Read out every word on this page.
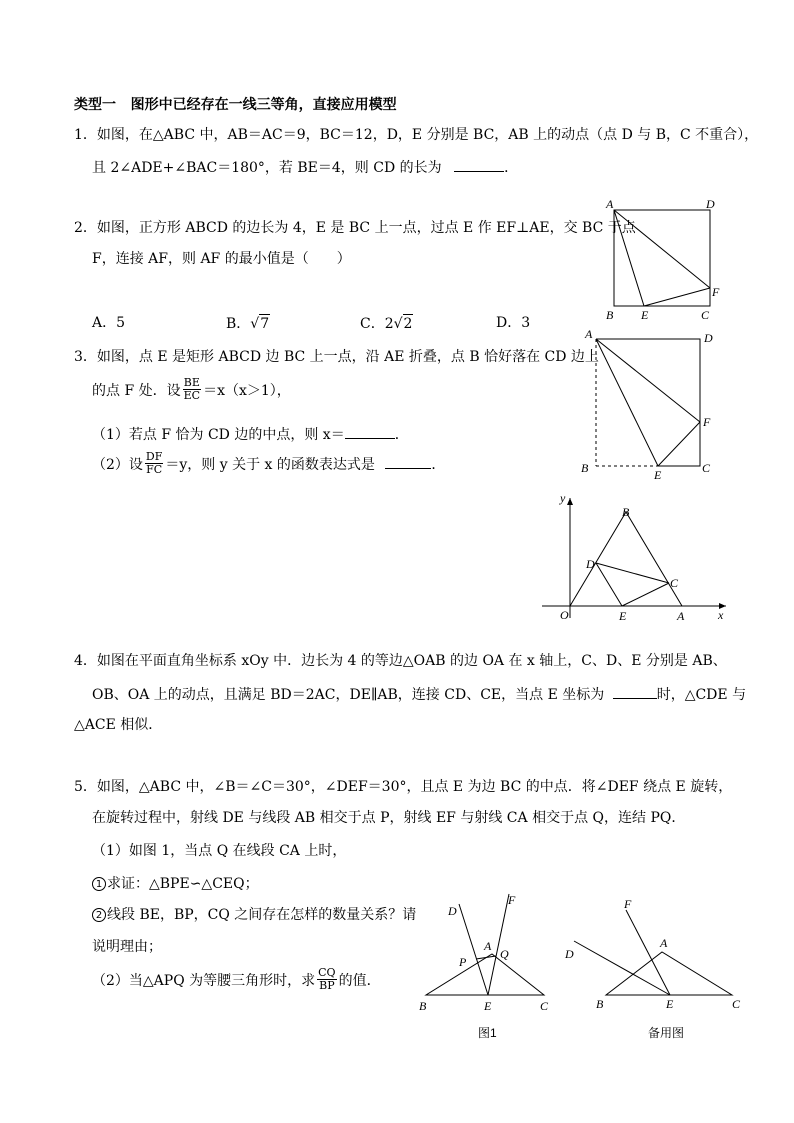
类型一 图形中已经存在一线三等角，直接应用模型
1．如图，在△ABC 中，AB＝AC＝9，BC＝12，D，E 分别是 BC，AB 上的动点（点 D 与 B，C 不重合），
且 2∠ADE+∠BAC＝180°，若 BE＝4，则 CD 的长为	．
2．如图，正方形 ABCD 的边长为 4，E 是 BC 上一点，过点 E 作 EF⊥AE，交 BC 于点
F，连接 AF，则 AF 的最小值是（　　）
A．5	B．√ 7	C．2√ 2	D．3
A	D
B E	C
F
3．如图，点 E 是矩形 ABCD 边 BC 上一点，沿 AE 折叠，点 B 恰好落在 CD 边上
的点 F 处．设 $\frac{BE}{EC} =x(x>1)$，
（1）若点 F 恰为 CD 边的中点，则 x＝	．
（2）设 $\frac{DF}{FC} =y$，则 y 关于 x 的函数表达式是	．
A	D
B	E	C
F
y
x
O	A
B
C
D
E
4．如图在平面直角坐标系 xOy 中．边长为 4 的等边△OAB 的边 OA 在 x 轴上，C、D、E 分别是 AB、
OB、OA 上的动点，且满足 BD＝2AC，DE∥AB，连接 CD、CE，当点 E 坐标为	时，△CDE 与
△ACE 相似．
5．如图，△ABC 中，∠B＝∠C＝30°，∠DEF＝30°，且点 E 为边 BC 的中点．将∠DEF 绕点 E 旋转，
在旋转过程中，射线 DE 与线段 AB 相交于点 P，射线 EF 与射线 CA 相交于点 Q，连结 PQ．
（1）如图 1，当点 Q 在线段 CA 上时，
1 求证：△BPE∽△CEQ；
2 线段 BE，BP，CQ 之间存在怎样的数量关系？请
说明理由；
（2）当△APQ 为等腰三角形时，求 $\frac{CQ}{BP}$ 的值．
D
F
A
P
Q
B	E	C
图1
F
A
D
B	E	C
备用图
